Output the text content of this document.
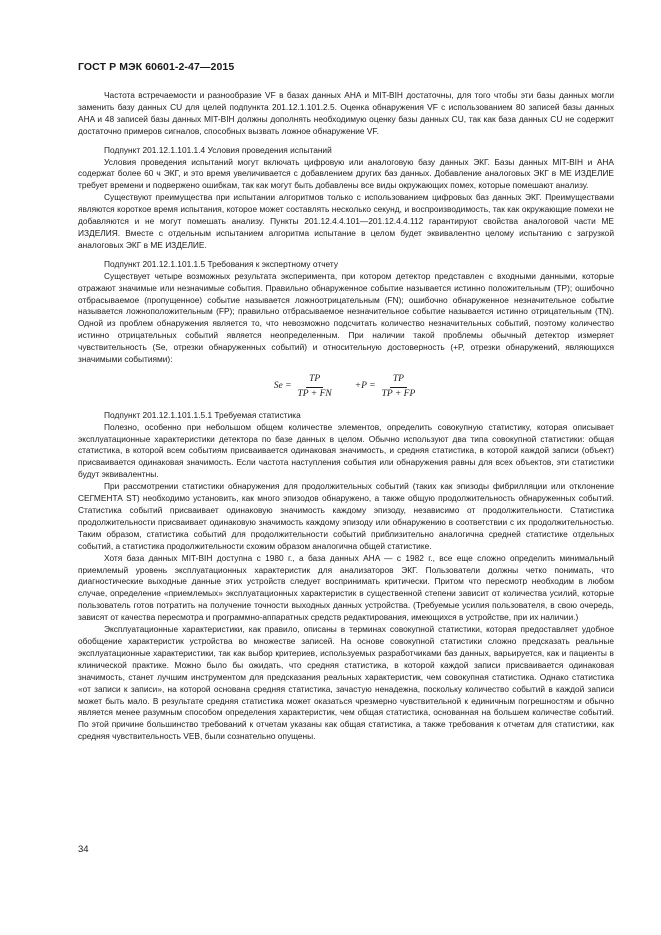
ГОСТ Р МЭК 60601-2-47—2015

Частота встречаемости и разнообразие VF в базах данных AHA и MIT-BIH достаточны, для того чтобы эти базы данных могли заменить базу данных CU для целей подпункта 201.12.1.101.2.5. Оценка обнаружения VF с использованием 80 записей базы данных AHA и 48 записей базы данных MIT-BIH должны дополнять необходимую оценку базы данных CU, так как база данных CU не содержит достаточно примеров сигналов, способных вызвать ложное обнаружение VF.

Подпункт 201.12.1.101.1.4 Условия проведения испытаний

Условия проведения испытаний могут включать цифровую или аналоговую базу данных ЭКГ. Базы данных MIT-BIH и AHA содержат более 60 ч ЭКГ, и это время увеличивается с добавлением других баз данных. Добавление аналоговых ЭКГ в МЕ ИЗДЕЛИЕ требует времени и подвержено ошибкам, так как могут быть добавлены все виды окружающих помех, которые помешают анализу.

Существуют преимущества при испытании алгоритмов только с использованием цифровых баз данных ЭКГ. Преимуществами являются короткое время испытания, которое может составлять несколько секунд, и воспроизводимость, так как окружающие помехи не добавляются и не могут помешать анализу. Пункты 201.12.4.4.101—201.12.4.4.112 гарантируют свойства аналоговой части МЕ ИЗДЕЛИЯ. Вместе с отдельным испытанием алгоритма испытание в целом будет эквивалентно целому испытанию с загрузкой аналоговых ЭКГ в МЕ ИЗДЕЛИЕ.

Подпункт 201.12.1.101.1.5 Требования к экспертному отчету

Существует четыре возможных результата эксперимента, при котором детектор представлен с входными данными, которые отражают значимые или незначимые события. Правильно обнаруженное событие называется истинно положительным (TP); ошибочно отбрасываемое (пропущенное) событие называется ложноотрицательным (FN); ошибочно обнаруженное незначительное событие называется ложноположительным (FP); правильно отбрасываемое незначительное событие называется истинно отрицательным (TN). Одной из проблем обнаружения является то, что невозможно подсчитать количество незначительных событий, поэтому количество истинно отрицательных событий является неопределенным. При наличии такой проблемы обычный детектор измеряет чувствительность (Se, отрезки обнаруженных событий) и относительную достоверность (+P, отрезки обнаружений, являющихся значимыми событиями):

$Se = \frac{TP}{TP + FN} +P = \frac{TP}{TP + FP}$

Подпункт 201.12.1.101.1.5.1 Требуемая статистика

Полезно, особенно при небольшом общем количестве элементов, определить совокупную статистику, которая описывает эксплуатационные характеристики детектора по базе данных в целом. Обычно используют два типа совокупной статистики: общая статистика, в которой всем событиям присваивается одинаковая значимость, и средняя статистика, в которой каждой записи (объект) присваивается одинаковая значимость. Если частота наступления события или обнаружения равны для всех объектов, эти статистики будут эквивалентны.

При рассмотрении статистики обнаружения для продолжительных событий (таких как эпизоды фибрилляции или отклонение СЕГМЕНТА ST) необходимо установить, как много эпизодов обнаружено, а также общую продолжительность обнаруженных событий. Статистика событий присваивает одинаковую значимость каждому эпизоду, независимо от продолжительности. Статистика продолжительности присваивает одинаковую значимость каждому эпизоду или обнаружению в соответствии с их продолжительностью. Таким образом, статистика событий для продолжительности событий приблизительно аналогична средней статистике отдельных событий, а статистика продолжительности схожим образом аналогична общей статистике.

Хотя база данных MIT-BIH доступна с 1980 г., а база данных AHA — с 1982 г., все еще сложно определить минимальный приемлемый уровень эксплуатационных характеристик для анализаторов ЭКГ. Пользователи должны четко понимать, что диагностические выходные данные этих устройств следует воспринимать критически. Притом что пересмотр необходим в любом случае, определение «приемлемых» эксплуатационных характеристик в существенной степени зависит от количества усилий, которые пользователь готов потратить на получение точности выходных данных устройства. (Требуемые усилия пользователя, в свою очередь, зависят от качества пересмотра и программно-аппаратных средств редактирования, имеющихся в устройстве, при их наличии.)

Эксплуатационные характеристики, как правило, описаны в терминах совокупной статистики, которая предоставляет удобное обобщение характеристик устройства во множестве записей. На основе совокупной статистики сложно предсказать реальные эксплуатационные характеристики, так как выбор критериев, используемых разработчиками баз данных, варьируется, как и пациенты в клинической практике. Можно было бы ожидать, что средняя статистика, в которой каждой записи присваивается одинаковая значимость, станет лучшим инструментом для предсказания реальных характеристик, чем совокупная статистика. Однако статистика «от записи к записи», на которой основана средняя статистика, зачастую ненадежна, поскольку количество событий в каждой записи может быть мало. В результате средняя статистика может оказаться чрезмерно чувствительной к единичным погрешностям и обычно является менее разумным способом определения характеристик, чем общая статистика, основанная на большем количестве событий. По этой причине большинство требований к отчетам указаны как общая статистика, а также требования к отчетам для статистики, как средняя чувствительность VEB, были сознательно опущены.

34
